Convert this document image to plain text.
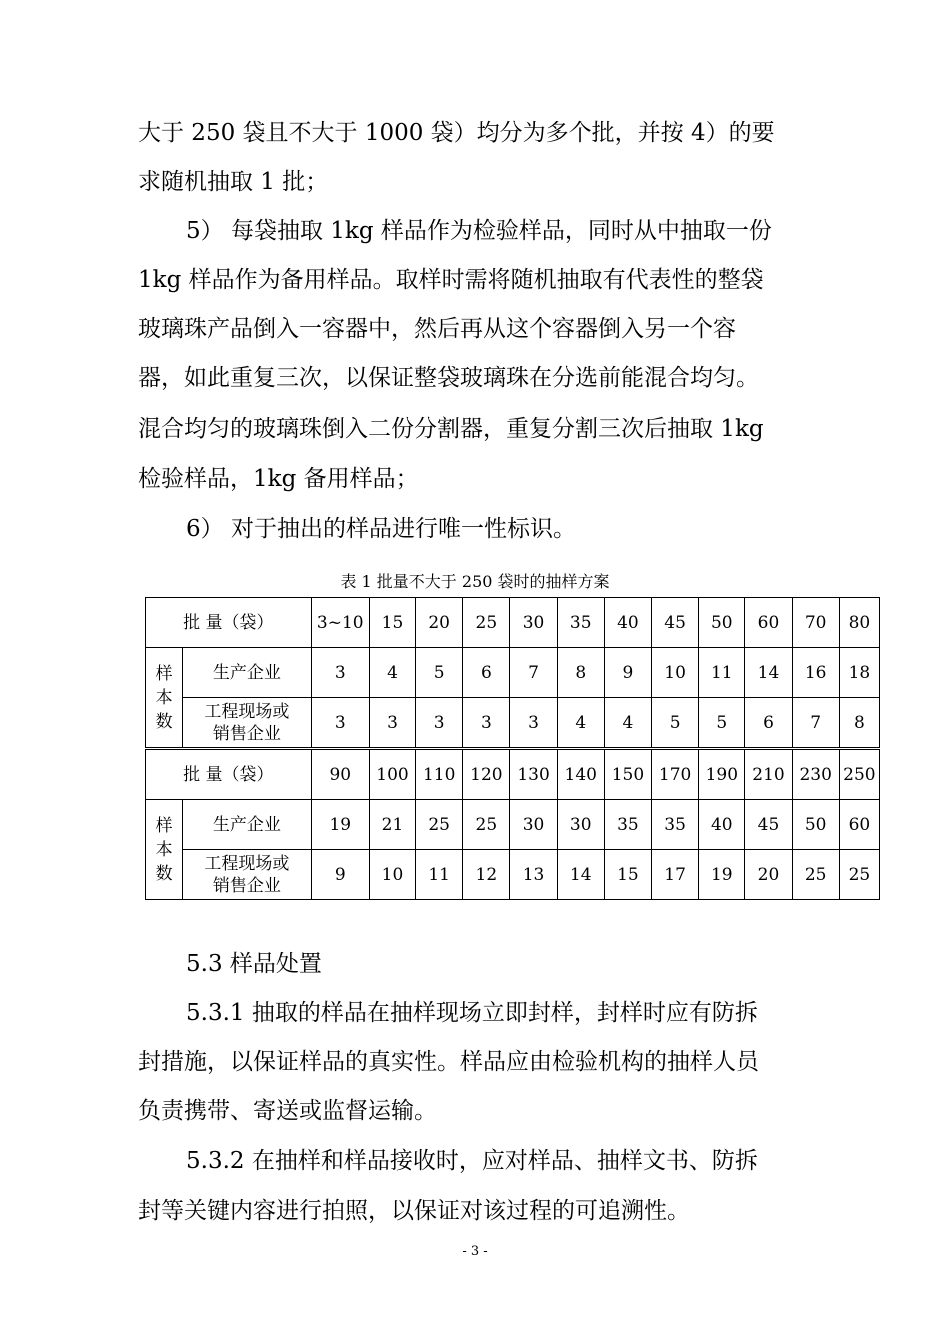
大于 250 袋且不大于 1000 袋）均分为多个批，并按 4）的要

求随机抽取 1 批；

5） 每袋抽取 1kg 样品作为检验样品，同时从中抽取一份

1kg 样品作为备用样品。取样时需将随机抽取有代表性的整袋

玻璃珠产品倒入一容器中，然后再从这个容器倒入另一个容

器，如此重复三次，以保证整袋玻璃珠在分选前能混合均匀。

混合均匀的玻璃珠倒入二份分割器，重复分割三次后抽取 1kg

检验样品，1kg 备用样品；

6） 对于抽出的样品进行唯一性标识。

表 1 批量不大于 250 袋时的抽样方案

批 量（袋）		3~10	15	20	25	30	35	40	45	50	60	70	80

样
本
数	生产企业	3	4	5	6	7	8	9	10	11	14	16	18

	工程现场或
销售企业	3	3	3	3	3	4	4	5	5	6	7	8
批 量（袋）		90	100	110	120	130	140	150	170	190	210	230	250

样
本
数	生产企业	19	21	25	25	30	30	35	35	40	45	50	60

	工程现场或
销售企业	9	10	11	12	13	14	15	17	19	20	25	25

5.3 样品处置

5.3.1 抽取的样品在抽样现场立即封样，封样时应有防拆

封措施，以保证样品的真实性。样品应由检验机构的抽样人员

负责携带、寄送或监督运输。

5.3.2 在抽样和样品接收时，应对样品、抽样文书、防拆

封等关键内容进行拍照，以保证对该过程的可追溯性。

- 3 -
